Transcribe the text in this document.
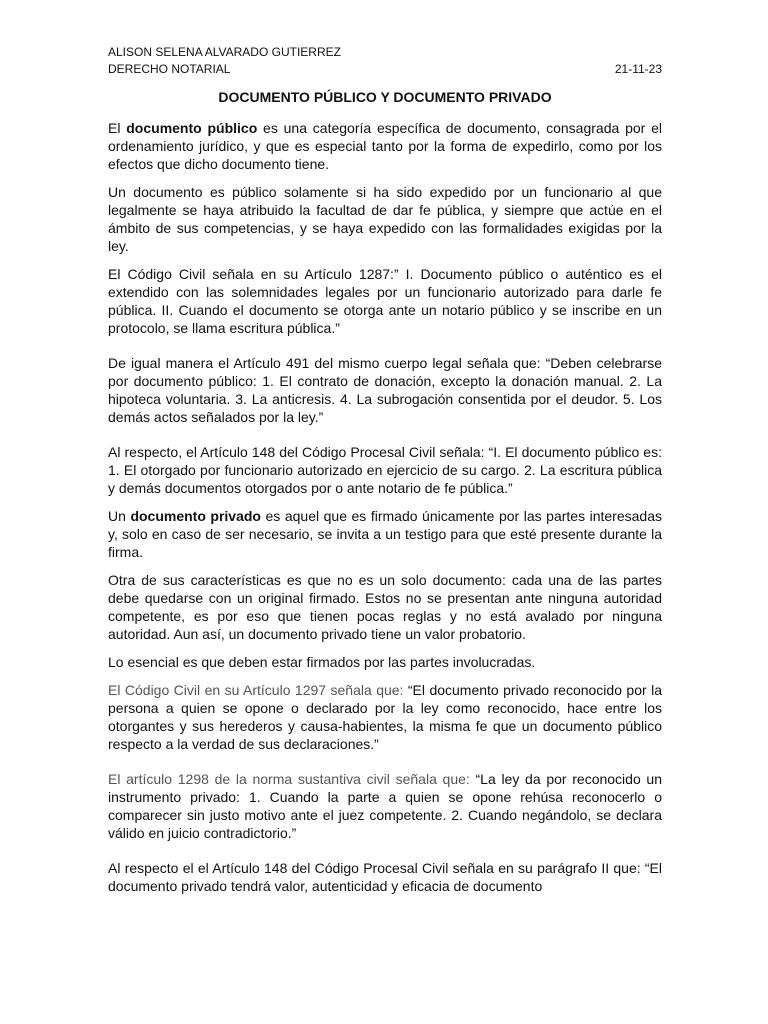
ALISON SELENA ALVARADO GUTIERREZ
DERECHO NOTARIAL	21-11-23
DOCUMENTO PÚBLICO Y DOCUMENTO PRIVADO

El documento público es una categoría específica de documento, consagrada por el ordenamiento jurídico, y que es especial tanto por la forma de expedirlo, como por los efectos que dicho documento tiene.

Un documento es público solamente si ha sido expedido por un funcionario al que legalmente se haya atribuido la facultad de dar fe pública, y siempre que actúe en el ámbito de sus competencias, y se haya expedido con las formalidades exigidas por la ley.

El Código Civil señala en su Artículo 1287:” I. Documento público o auténtico es el extendido con las solemnidades legales por un funcionario autorizado para darle fe pública. II. Cuando el documento se otorga ante un notario público y se inscribe en un protocolo, se llama escritura pública.”

De igual manera el Artículo 491 del mismo cuerpo legal señala que: “Deben celebrarse por documento público: 1. El contrato de donación, excepto la donación manual. 2. La hipoteca voluntaria. 3. La anticresis. 4. La subrogación consentida por el deudor. 5. Los demás actos señalados por la ley.”

Al respecto, el Artículo 148 del Código Procesal Civil señala: “I. El documento público es: 1. El otorgado por funcionario autorizado en ejercicio de su cargo. 2. La escritura pública y demás documentos otorgados por o ante notario de fe pública.”

Un documento privado es aquel que es firmado únicamente por las partes interesadas y, solo en caso de ser necesario, se invita a un testigo para que esté presente durante la firma.

Otra de sus características es que no es un solo documento: cada una de las partes debe quedarse con un original firmado. Estos no se presentan ante ninguna autoridad competente, es por eso que tienen pocas reglas y no está avalado por ninguna autoridad. Aun así, un documento privado tiene un valor probatorio.

Lo esencial es que deben estar firmados por las partes involucradas.

El Código Civil en su Artículo 1297 señala que: “El documento privado reconocido por la persona a quien se opone o declarado por la ley como reconocido, hace entre los otorgantes y sus herederos y causa-habientes, la misma fe que un documento público respecto a la verdad de sus declaraciones.”

El artículo 1298 de la norma sustantiva civil señala que: “La ley da por reconocido un instrumento privado: 1. Cuando la parte a quien se opone rehúsa reconocerlo o comparecer sin justo motivo ante el juez competente. 2. Cuando negándolo, se declara válido en juicio contradictorio.”

Al respecto el el Artículo 148 del Código Procesal Civil señala en su parágrafo II que: “El documento privado tendrá valor, autenticidad y eficacia de documento
